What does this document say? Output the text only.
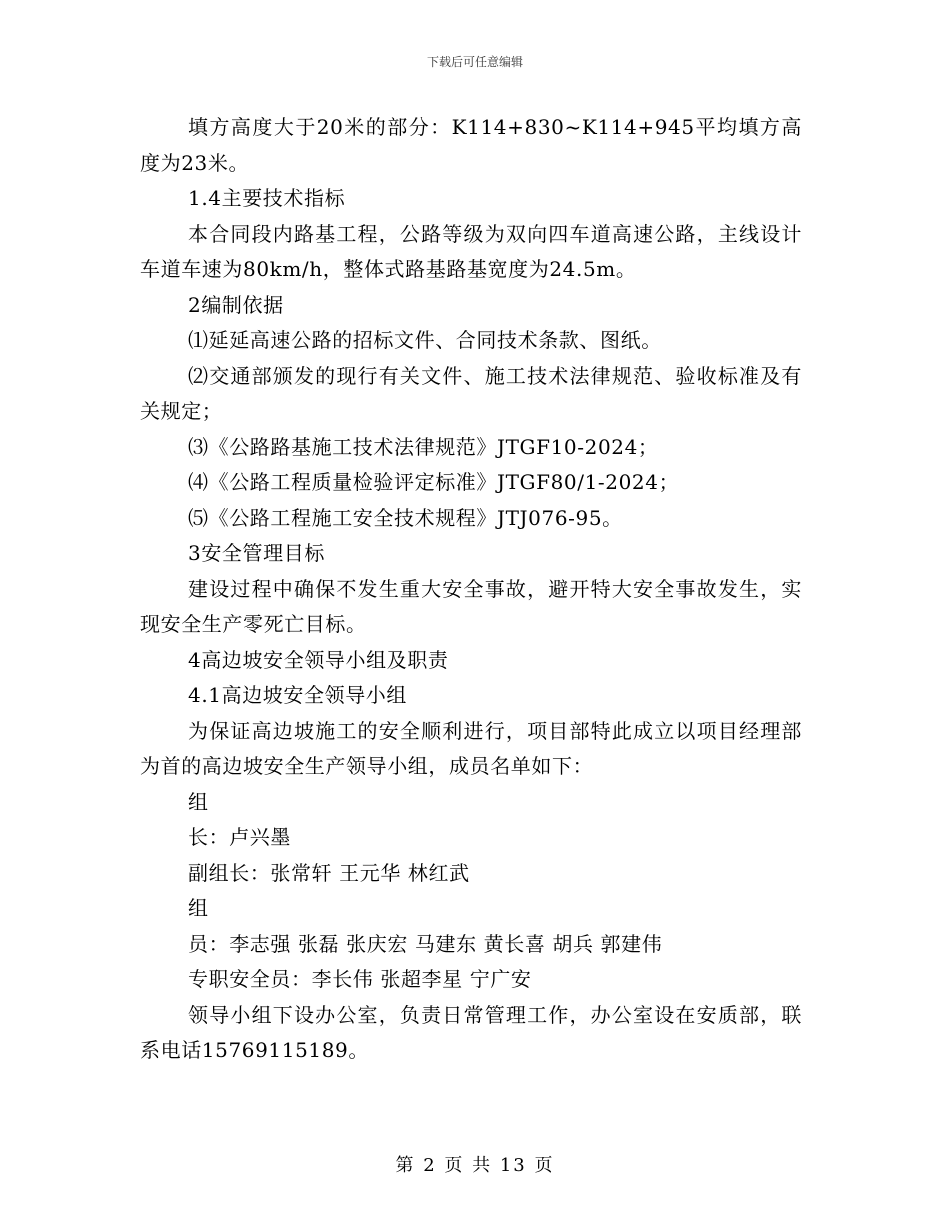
下载后可任意编辑

填方高度大于20米的部分：K114+830~K114+945平均填方高度为23米。

1.4主要技术指标

本合同段内路基工程，公路等级为双向四车道高速公路，主线设计车道车速为80km/h，整体式路基路基宽度为24.5m。

2编制依据

⑴延延高速公路的招标文件、合同技术条款、图纸。

⑵交通部颁发的现行有关文件、施工技术法律规范、验收标准及有关规定；

⑶《公路路基施工技术法律规范》JTGF10-2024；

⑷《公路工程质量检验评定标准》JTGF80/1-2024；

⑸《公路工程施工安全技术规程》JTJ076-95。

3安全管理目标

建设过程中确保不发生重大安全事故，避开特大安全事故发生，实现安全生产零死亡目标。

4高边坡安全领导小组及职责

4.1高边坡安全领导小组

为保证高边坡施工的安全顺利进行，项目部特此成立以项目经理部为首的高边坡安全生产领导小组，成员名单如下：

组

长：卢兴墨

副组长：张常轩 王元华 林红武

组

员：李志强 张磊 张庆宏 马建东 黄长喜 胡兵 郭建伟

专职安全员：李长伟 张超李星 宁广安

领导小组下设办公室，负责日常管理工作，办公室设在安质部，联系电话15769115189。

第 2 页 共 13 页
